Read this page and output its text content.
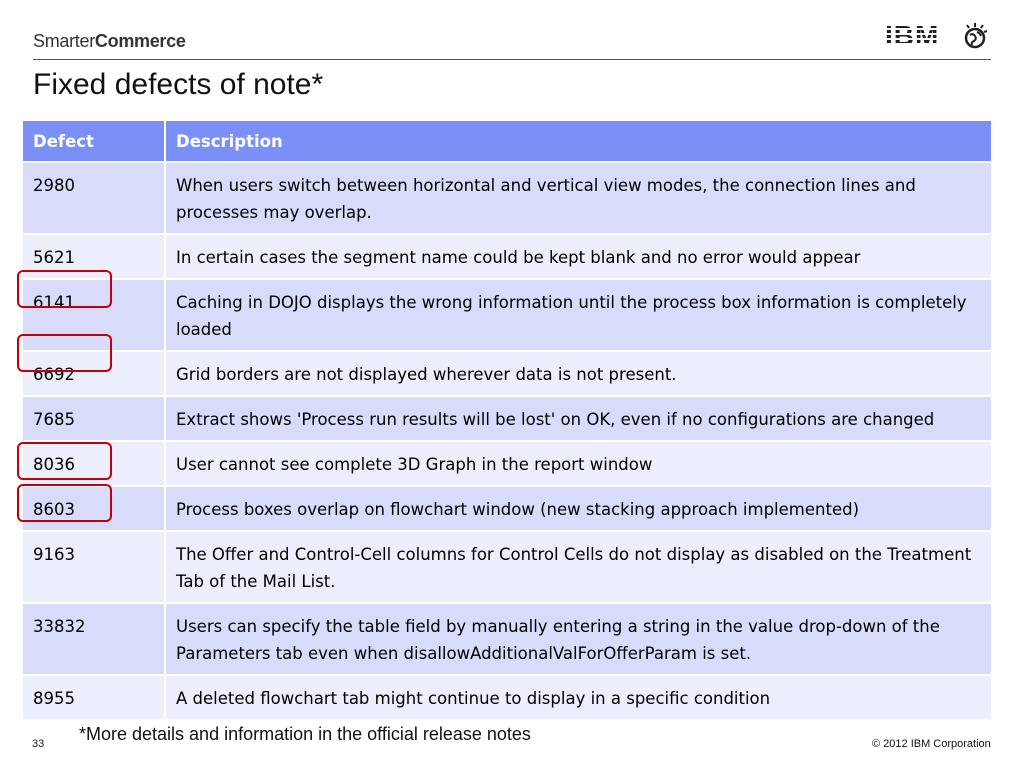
SmarterCommerce	IBM
Fixed defects of note*
Defect	Description
2980	When users switch between horizontal and vertical view modes, the connection lines and processes may overlap.
5621	In certain cases the segment name could be kept blank and no error would appear
6141	Caching in DOJO displays the wrong information until the process box information is completely loaded
6692	Grid borders are not displayed wherever data is not present.
7685	Extract shows 'Process run results will be lost' on OK, even if no configurations are changed
8036	User cannot see complete 3D Graph in the report window
8603	Process boxes overlap on flowchart window (new stacking approach implemented)
9163	The Offer and Control-Cell columns for Control Cells do not display as disabled on the Treatment Tab of the Mail List.
33832	Users can specify the table field by manually entering a string in the value drop-down of the Parameters tab even when disallowAdditionalValForOfferParam is set.
8955	A deleted flowchart tab might continue to display in a specific condition
*More details and information in the official release notes
33	© 2012 IBM Corporation
